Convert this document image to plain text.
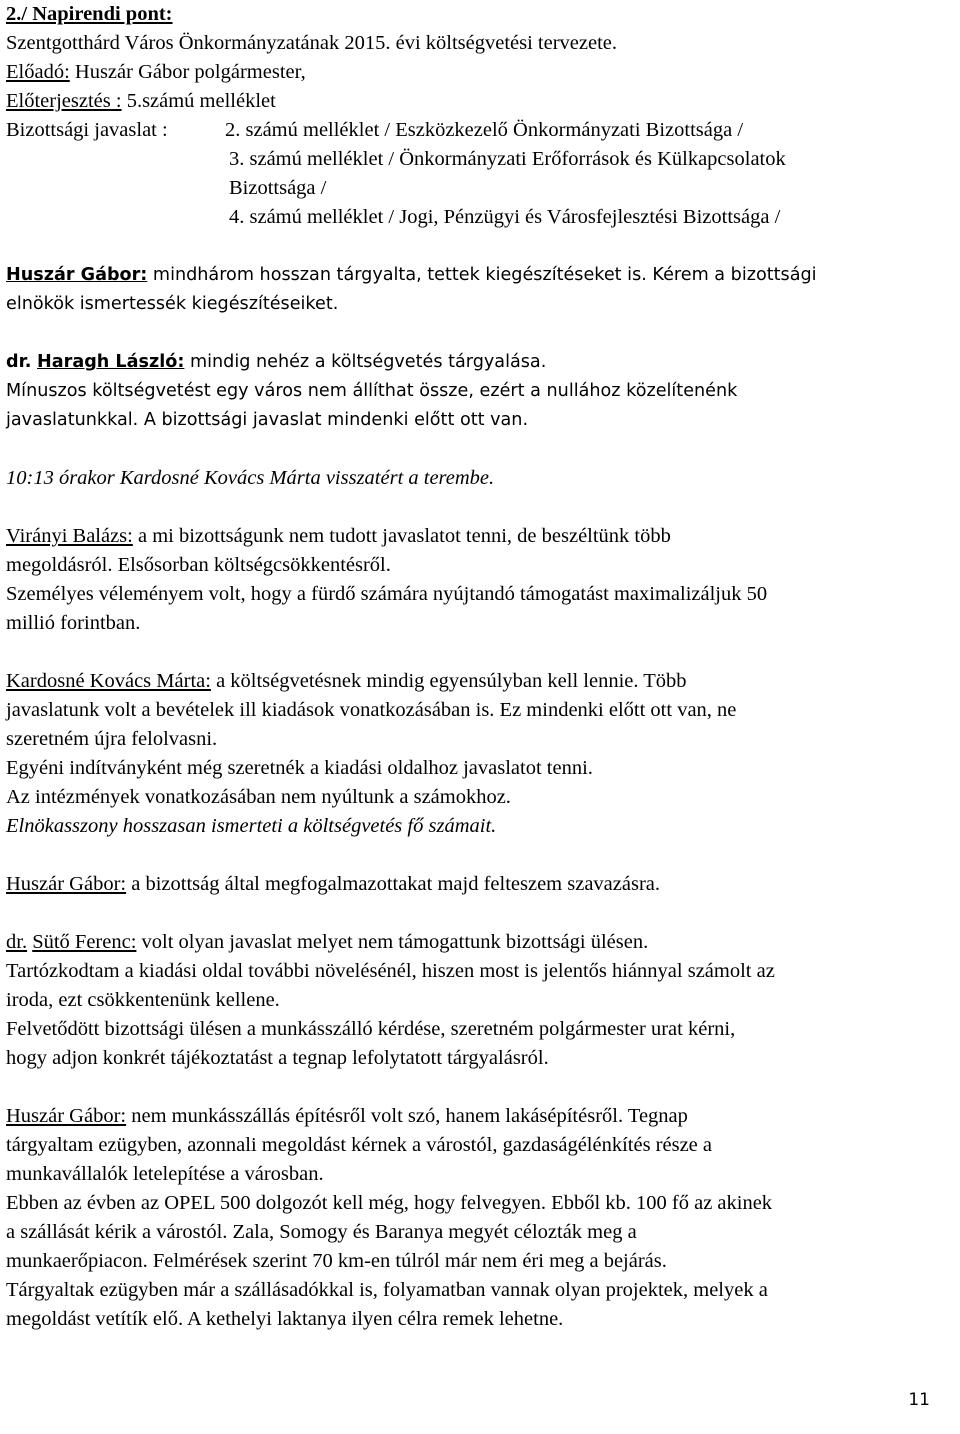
2./ Napirendi pont:

Szentgotthárd Város Önkormányzatának 2015. évi költségvetési tervezete.

Előadó: Huszár Gábor polgármester,

Előterjesztés : 5.számú melléklet

Bizottsági javaslat :	2. számú melléklet / Eszközkezelő Önkormányzati Bizottsága /

3. számú melléklet / Önkormányzati Erőforrások és Külkapcsolatok

Bizottsága /

4. számú melléklet / Jogi, Pénzügyi és Városfejlesztési Bizottsága /

Huszár Gábor: mindhárom hosszan tárgyalta, tettek kiegészítéseket is. Kérem a bizottsági

elnökök ismertessék kiegészítéseiket.

dr. Haragh László: mindig nehéz a költségvetés tárgyalása.

Mínuszos költségvetést egy város nem állíthat össze, ezért a nullához közelítenénk

javaslatunkkal. A bizottsági javaslat mindenki előtt ott van.

10:13 órakor Kardosné Kovács Márta visszatért a terembe.

Virányi Balázs: a mi bizottságunk nem tudott javaslatot tenni, de beszéltünk több

megoldásról. Elsősorban költségcsökkentésről.

Személyes véleményem volt, hogy a fürdő számára nyújtandó támogatást maximalizáljuk 50

millió forintban.

Kardosné Kovács Márta: a költségvetésnek mindig egyensúlyban kell lennie. Több

javaslatunk volt a bevételek ill kiadások vonatkozásában is. Ez mindenki előtt ott van, ne

szeretném újra felolvasni.

Egyéni indítványként még szeretnék a kiadási oldalhoz javaslatot tenni.

Az intézmények vonatkozásában nem nyúltunk a számokhoz.

Elnökasszony hosszasan ismerteti a költségvetés fő számait.

Huszár Gábor: a bizottság által megfogalmazottakat majd felteszem szavazásra.

dr. Sütő Ferenc: volt olyan javaslat melyet nem támogattunk bizottsági ülésen.

Tartózkodtam a kiadási oldal további növelésénél, hiszen most is jelentős hiánnyal számolt az

iroda, ezt csökkentenünk kellene.

Felvetődött bizottsági ülésen a munkásszálló kérdése, szeretném polgármester urat kérni,

hogy adjon konkrét tájékoztatást a tegnap lefolytatott tárgyalásról.

Huszár Gábor: nem munkásszállás építésről volt szó, hanem lakásépítésről. Tegnap

tárgyaltam ezügyben, azonnali megoldást kérnek a várostól, gazdaságélénkítés része a

munkavállalók letelepítése a városban.

Ebben az évben az OPEL 500 dolgozót kell még, hogy felvegyen. Ebből kb. 100 fő az akinek

a szállását kérik a várostól. Zala, Somogy és Baranya megyét célozták meg a

munkaerőpiacon. Felmérések szerint 70 km-en túlról már nem éri meg a bejárás.

Tárgyaltak ezügyben már a szállásadókkal is, folyamatban vannak olyan projektek, melyek a

megoldást vetítík elő. A kethelyi laktanya ilyen célra remek lehetne.

11
